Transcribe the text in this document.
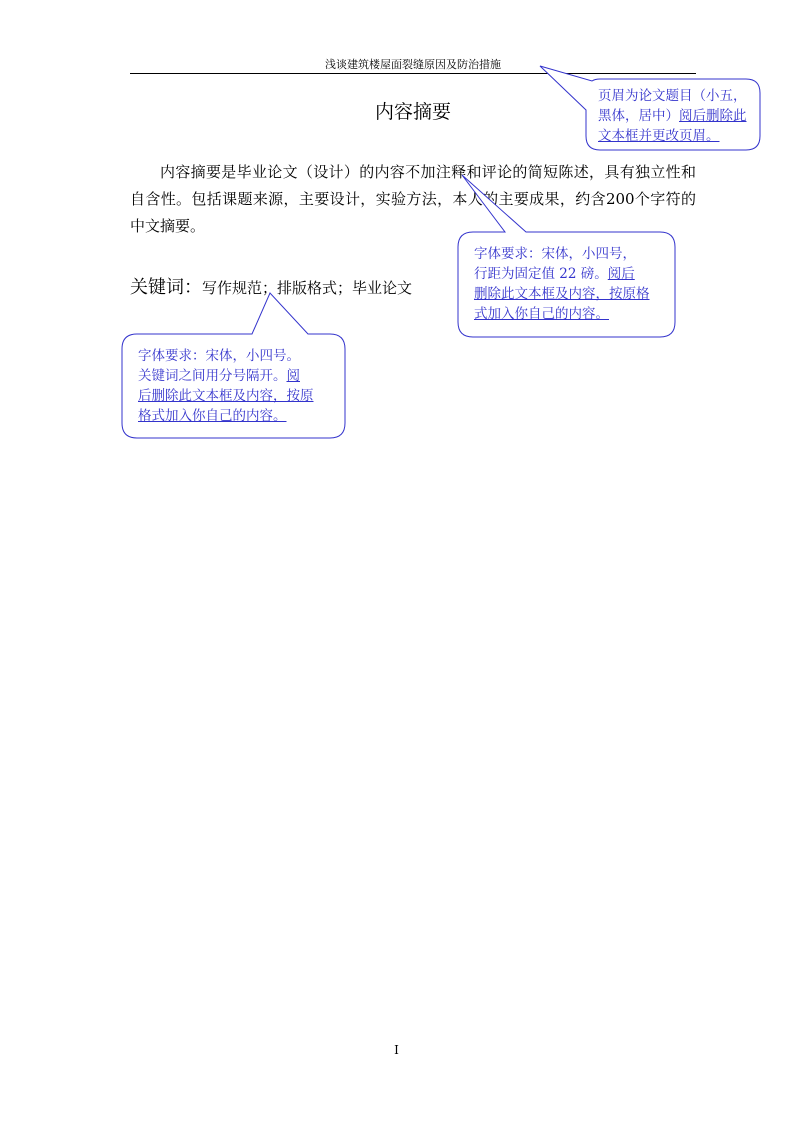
浅谈建筑楼屋面裂缝原因及防治措施
内容摘要

内容摘要是毕业论文（设计）的内容不加注释和评论的简短陈述，具有独立性和自含性。包括课题来源，主要设计，实验方法，本人的主要成果，约含200个字符的中文摘要。

关键词：写作规范；排版格式；毕业论文
页眉为论文题目（小五，
黑体，居中）阅后删除此
文本框并更改页眉。
字体要求：宋体，小四号，
行距为固定值 22 磅。阅后
删除此文本框及内容，按原格
式加入你自己的内容。
字体要求：宋体，小四号。
关键词之间用分号隔开。阅
后删除此文本框及内容，按原
格式加入你自己的内容。
I
